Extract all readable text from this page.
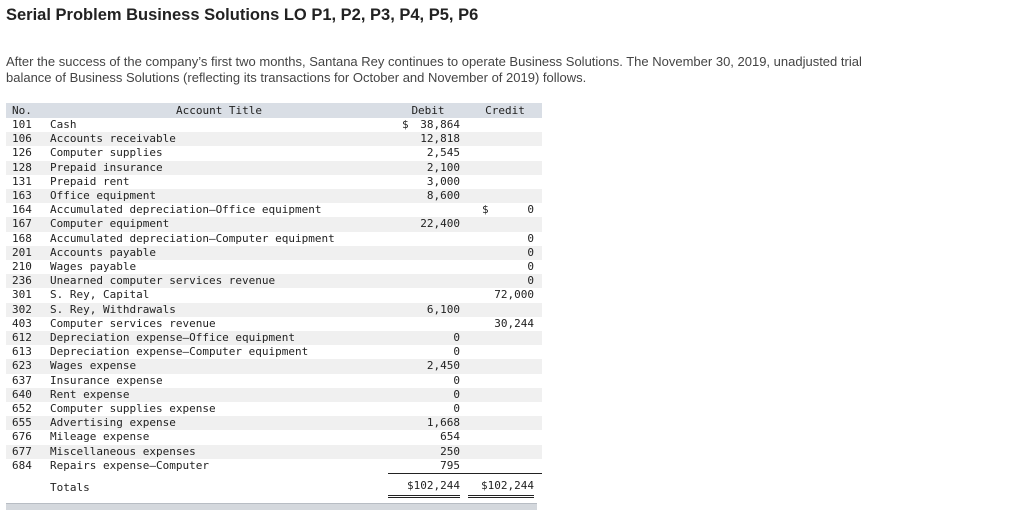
Serial Problem Business Solutions LO P1, P2, P3, P4, P5, P6
After the success of the company’s first two months, Santana Rey continues to operate Business Solutions. The November 30, 2019, unadjusted trial balance of Business Solutions (reflecting its transactions for October and November of 2019) follows.
No.	Account Title	Debit	Credit
101	Cash	$ 38,864	

106	Accounts receivable	12,818	

126	Computer supplies	2,545	

128	Prepaid insurance	2,100	

131	Prepaid rent	3,000	

163	Office equipment	8,600	

164	Accumulated depreciation—Office equipment		$ 0
167	Computer equipment	22,400	

168	Accumulated depreciation—Computer equipment		0
201	Accounts payable		0
210	Wages payable		0
236	Unearned computer services revenue		0
301	S. Rey, Capital		72,000
302	S. Rey, Withdrawals	6,100	

403	Computer services revenue		30,244
612	Depreciation expense—Office equipment	0	

613	Depreciation expense—Computer equipment	0	

623	Wages expense	2,450	

637	Insurance expense	0	

640	Rent expense	0	

652	Computer supplies expense	0	

655	Advertising expense	1,668	

676	Mileage expense	654	

677	Miscellaneous expenses	250	

684	Repairs expense—Computer	795	

	Totals	$102,244	$102,244
